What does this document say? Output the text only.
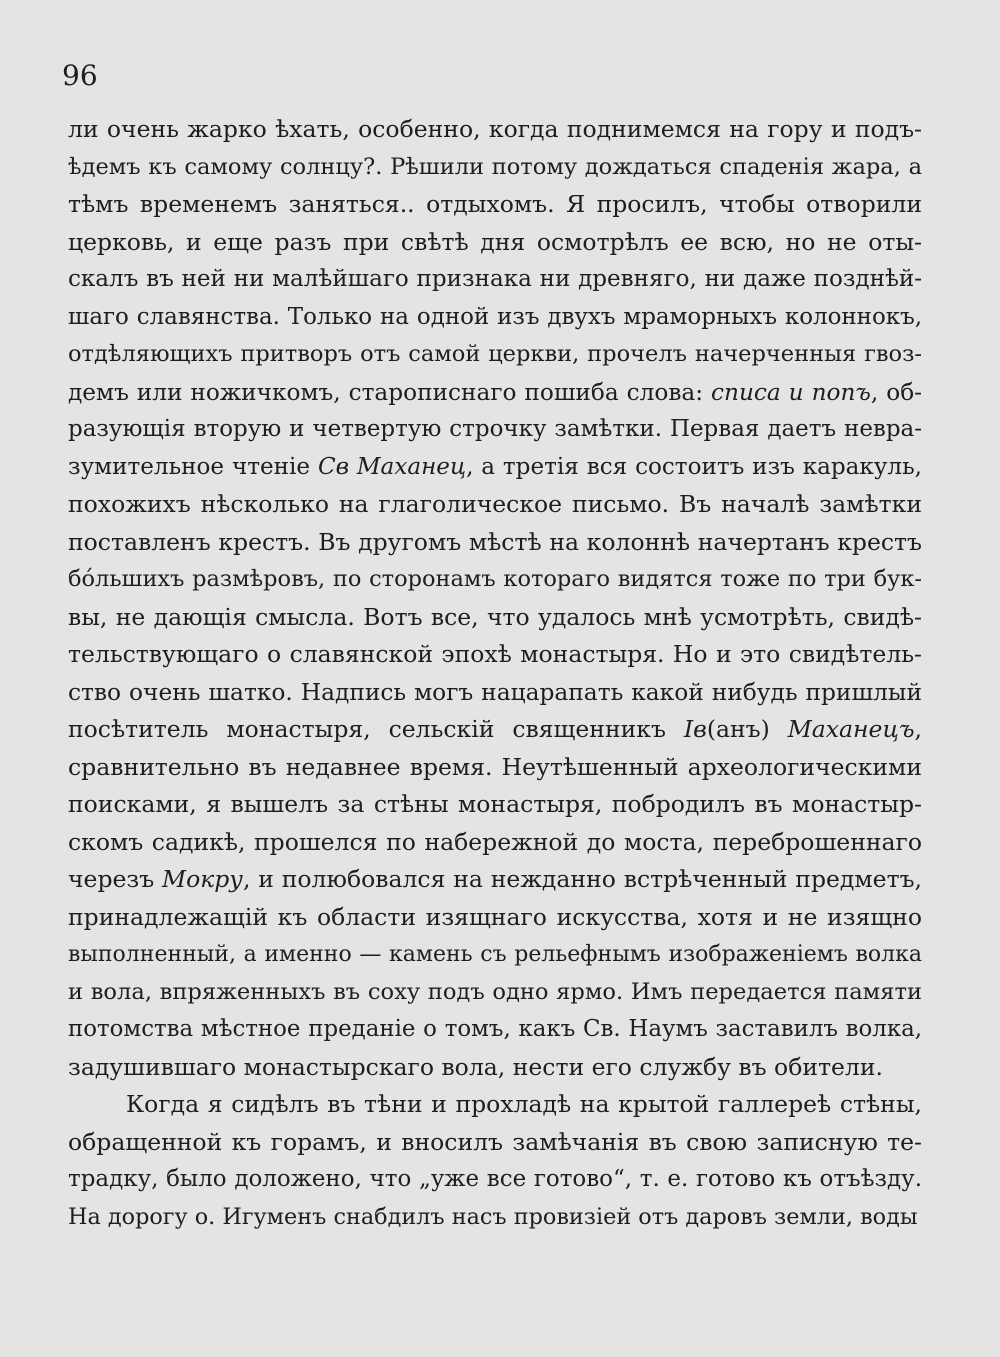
96
ли очень жарко ѣхать, особенно, когда поднимемся на гору и подъ-
ѣдемъ къ самому солнцу?. Рѣшили потому дождаться спаденія жара, а
тѣмъ временемъ заняться.. отдыхомъ. Я просилъ, чтобы отворили
церковь, и еще разъ при свѣтѣ дня осмотрѣлъ ее всю, но не оты-
скалъ въ ней ни малѣйшаго признака ни древняго, ни даже позднѣй-
шаго славянства. Только на одной изъ двухъ мраморныхъ колоннокъ,
отдѣляющихъ притворъ отъ самой церкви, прочелъ начерченныя гвоз-
демъ или ножичкомъ, старописнаго пошиба слова: списа и попъ, об-
разующія вторую и четвертую строчку замѣтки. Первая даетъ невра-
зумительное чтеніе Св Маханец, а третія вся состоитъ изъ каракуль,
похожихъ нѣсколько на глаголическое письмо. Въ началѣ замѣтки
поставленъ крестъ. Въ другомъ мѣстѣ на колоннѣ начертанъ крестъ
бо́льшихъ размѣровъ, по сторонамъ котораго видятся тоже по три бук-
вы, не дающія смысла. Вотъ все, что удалось мнѣ усмотрѣть, свидѣ-
тельствующаго о славянской эпохѣ монастыря. Но и это свидѣтель-
ство очень шатко. Надпись могъ нацарапать какой нибудь пришлый
посѣтитель монастыря, сельскій священникъ Ів(анъ) Маханецъ,
сравнительно въ недавнее время. Неутѣшенный археологическими
поисками, я вышелъ за стѣны монастыря, побродилъ въ монастыр-
скомъ садикѣ, прошелся по набережной до моста, переброшеннаго
черезъ Мокру, и полюбовался на нежданно встрѣченный предметъ,
принадлежащій къ области изящнаго искусства, хотя и не изящно
выполненный, а именно — камень съ рельефнымъ изображеніемъ волка
и вола, впряженныхъ въ соху подъ одно ярмо. Имъ передается памяти
потомства мѣстное преданіе о томъ, какъ Св. Наумъ заставилъ волка,
задушившаго монастырскаго вола, нести его службу въ обители.
Когда я сидѣлъ въ тѣни и прохладѣ на крытой галлереѣ стѣны,
обращенной къ горамъ, и вносилъ замѣчанія въ свою записную те-
традку, было доложено, что „уже все готово“, т. е. готово къ отъѣзду.
На дорогу о. Игуменъ снабдилъ насъ провизіей отъ даровъ земли, воды
